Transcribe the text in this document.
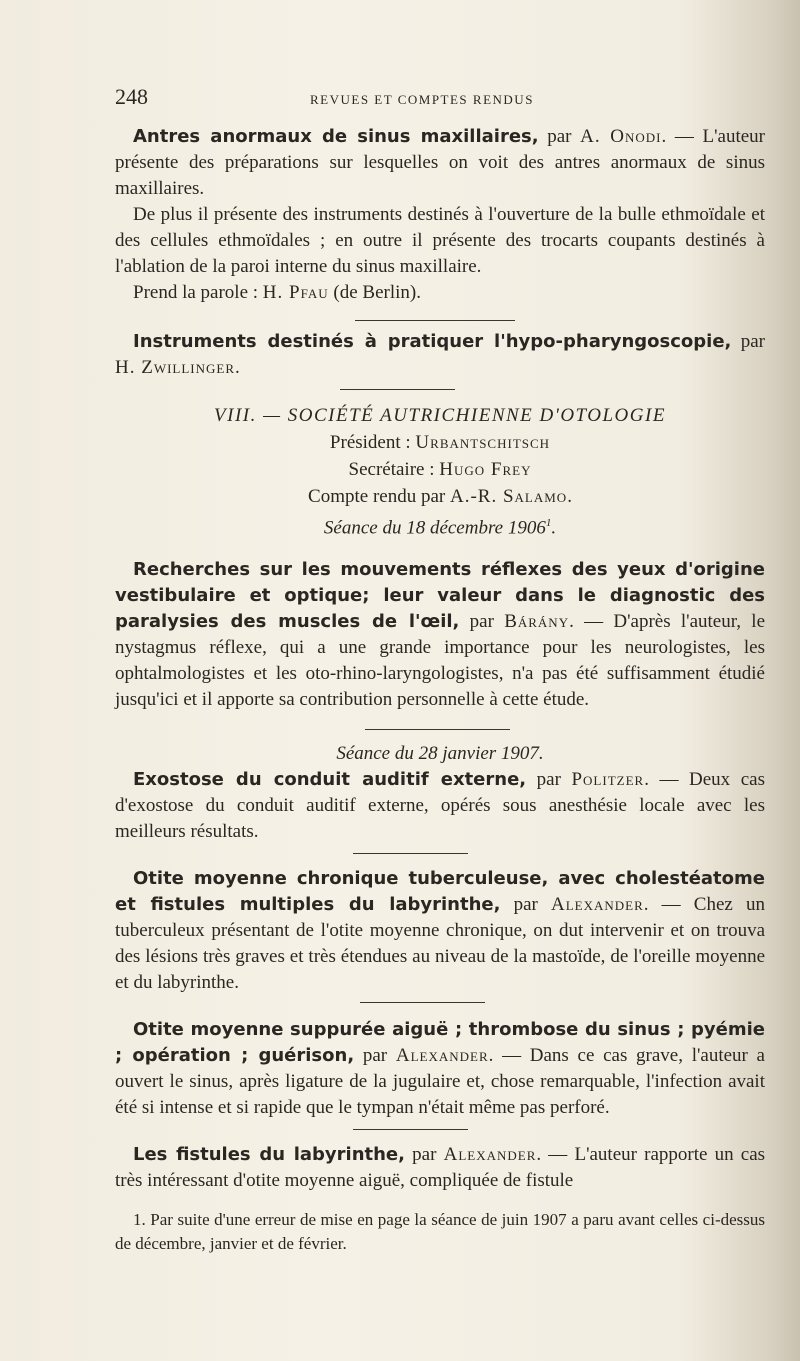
248	REVUES ET COMPTES RENDUS

Antres anormaux de sinus maxillaires, par A. Onodi. — L'auteur présente des préparations sur lesquelles on voit des antres anormaux de sinus maxillaires.

De plus il présente des instruments destinés à l'ouverture de la bulle ethmoïdale et des cellules ethmoïdales ; en outre il présente des trocarts coupants destinés à l'ablation de la paroi interne du sinus maxillaire.

Prend la parole : H. Pfau (de Berlin).

Instruments destinés à pratiquer l'hypo-pharyngoscopie, par H. Zwillinger.

VIII. — SOCIÉTÉ AUTRICHIENNE D'OTOLOGIE
Président : Urbantschitsch
Secrétaire : Hugo Frey
Compte rendu par A.-R. Salamo.
Séance du 18 décembre 1906$^1$.

Recherches sur les mouvements réflexes des yeux d'origine vestibulaire et optique; leur valeur dans le diagnostic des paralysies des muscles de l'œil, par Bárány. — D'après l'auteur, le nystagmus réflexe, qui a une grande importance pour les neurologistes, les ophtalmologistes et les oto-rhino-laryngologistes, n'a pas été suffisamment étudié jusqu'ici et il apporte sa contribution personnelle à cette étude.

Séance du 28 janvier 1907.

Exostose du conduit auditif externe, par Politzer. — Deux cas d'exostose du conduit auditif externe, opérés sous anesthésie locale avec les meilleurs résultats.

Otite moyenne chronique tuberculeuse, avec cholestéatome et fistules multiples du labyrinthe, par Alexander. — Chez un tuberculeux présentant de l'otite moyenne chronique, on dut intervenir et on trouva des lésions très graves et très étendues au niveau de la mastoïde, de l'oreille moyenne et du labyrinthe.

Otite moyenne suppurée aiguë ; thrombose du sinus ; pyémie ; opération ; guérison, par Alexander. — Dans ce cas grave, l'auteur a ouvert le sinus, après ligature de la jugulaire et, chose remarquable, l'infection avait été si intense et si rapide que le tympan n'était même pas perforé.

Les fistules du labyrinthe, par Alexander. — L'auteur rapporte un cas très intéressant d'otite moyenne aiguë, compliquée de fistule

1. Par suite d'une erreur de mise en page la séance de juin 1907 a paru avant celles ci-dessus de décembre, janvier et de février.
